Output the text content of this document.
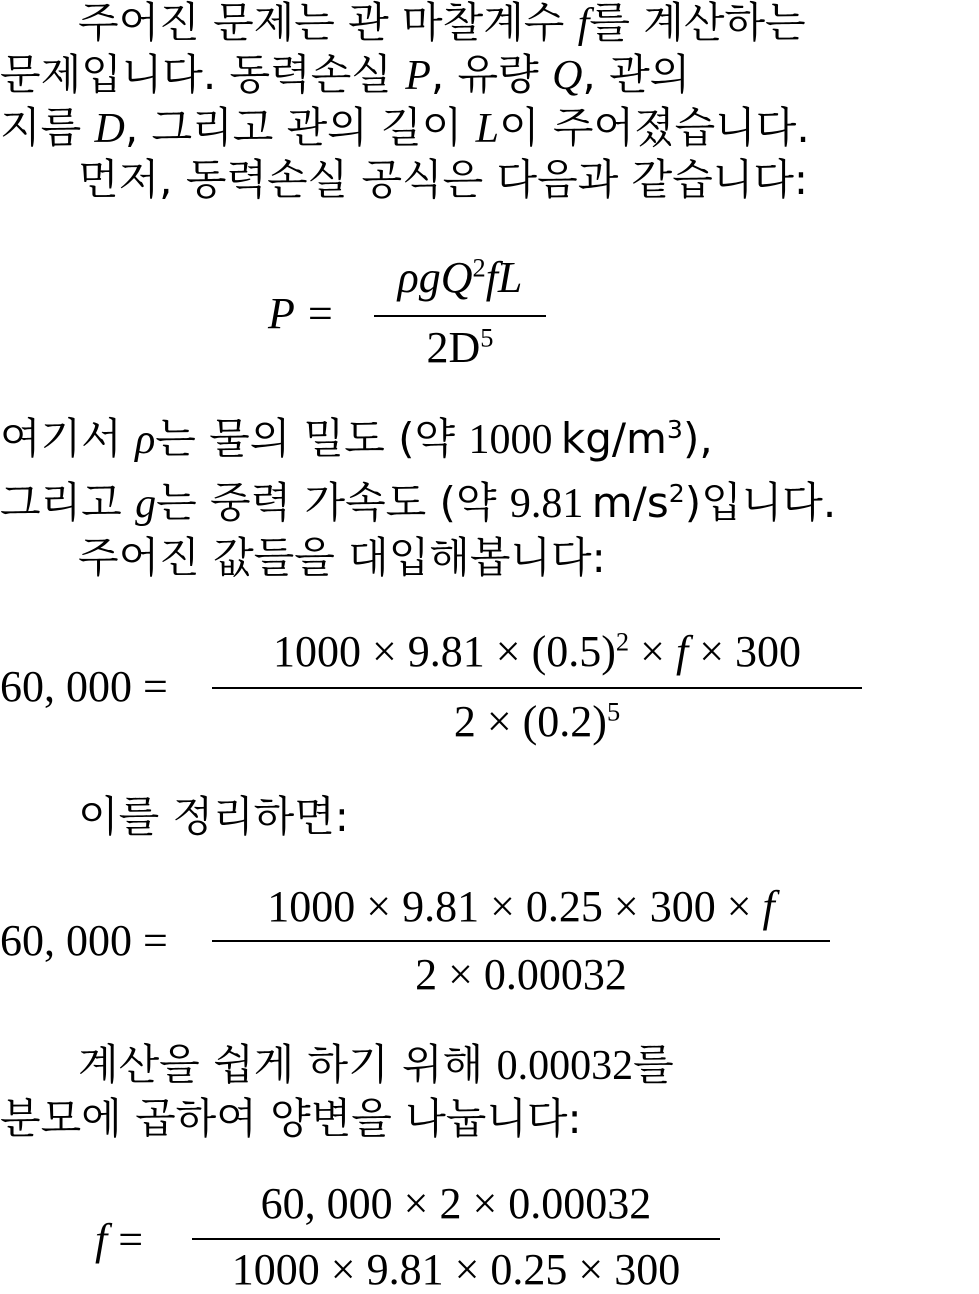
주어진 문제는 관 마찰계수 f를 계산하는
문제입니다. 동력손실 P, 유량 Q, 관의
지름 D, 그리고 관의 길이 L이 주어졌습니다.
먼저, 동력손실 공식은 다음과 같습니다:
P =
ρgQ$^2$fL
$2D^5$
여기서 ρ는 물의 밀도 (약 1000  $kg/m^3$),
그리고 g는 중력 가속도 (약 9.81  $m/s^2$)입니다.
주어진 값들을 대입해봅니다:
60, 000 =
$1000 \times 9.81 \times (0.5)^2 \times f \times 300$
$2 \times (0.2)^5$
이를 정리하면:
60, 000 =
1000 × 9.81 × 0.25 × 300 × f
2 × 0.00032
계산을 쉽게 하기 위해 0.00032를
분모에 곱하여 양변을 나눕니다:
f =
60, 000 × 2 × 0.00032
1000 × 9.81 × 0.25 × 300
